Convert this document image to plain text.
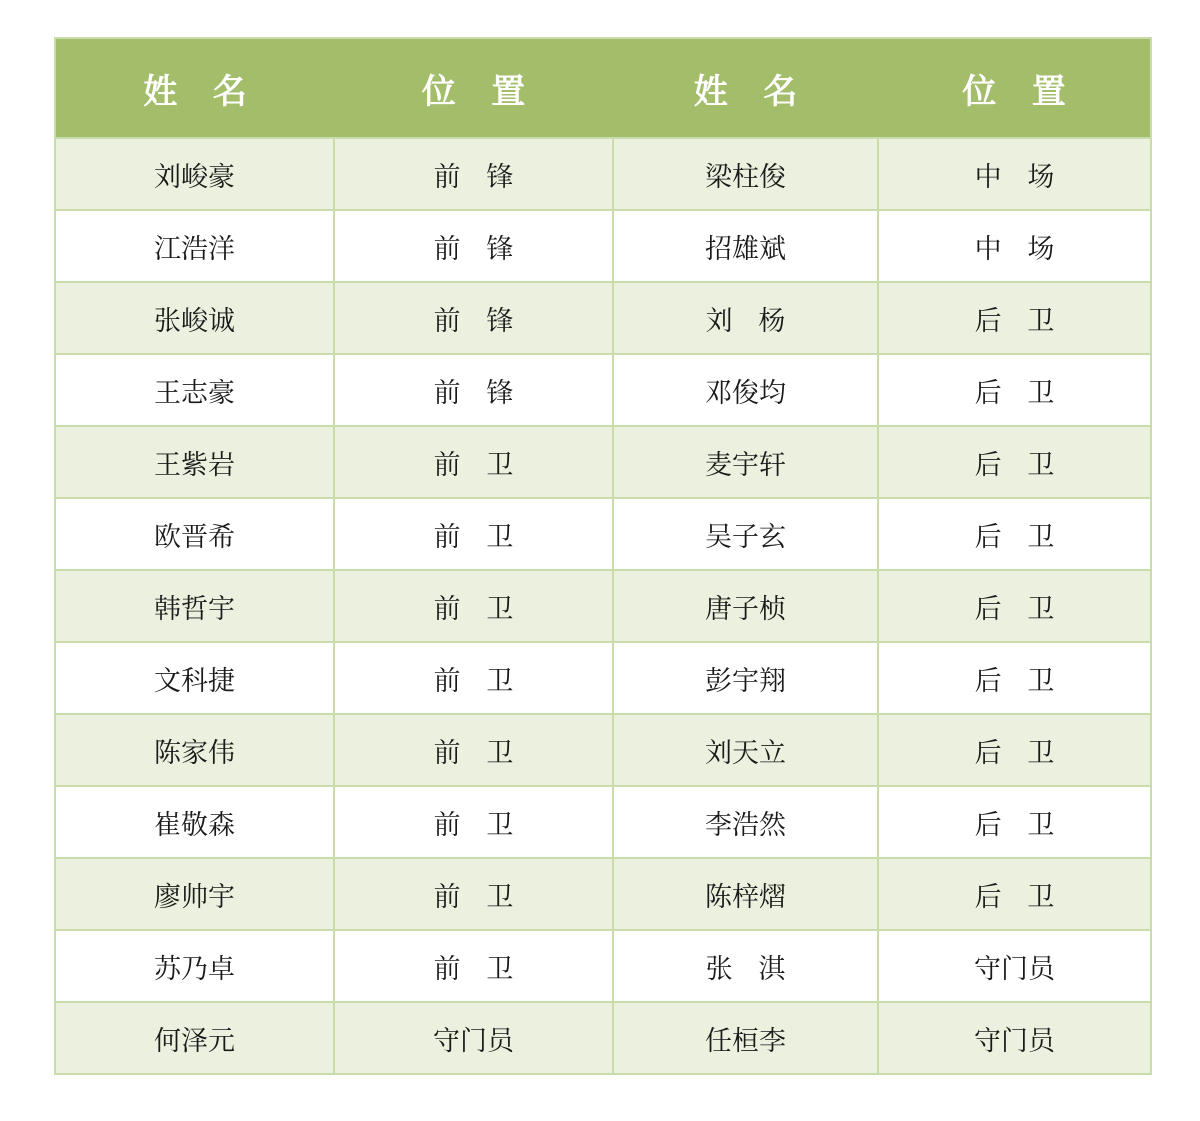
姓   名	位   置	姓   名	位   置
刘峻豪	前   锋	梁柱俊	中   场
江浩洋	前   锋	招雄斌	中   场
张峻诚	前   锋	刘   杨	后   卫
王志豪	前   锋	邓俊均	后   卫
王紫岩	前   卫	麦宇轩	后   卫
欧晋希	前   卫	吴子玄	后   卫
韩哲宇	前   卫	唐子桢	后   卫
文科捷	前   卫	彭宇翔	后   卫
陈家伟	前   卫	刘天立	后   卫
崔敬森	前   卫	李浩然	后   卫
廖帅宇	前   卫	陈梓熠	后   卫
苏乃卓	前   卫	张   淇	守门员
何泽元	守门员	任桓李	守门员
